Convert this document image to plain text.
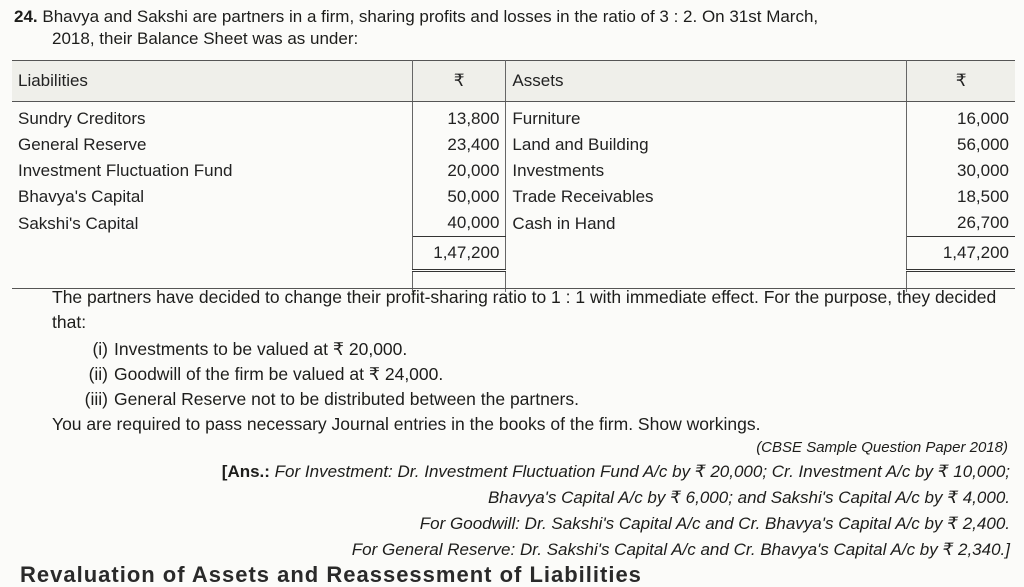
24. Bhavya and Sakshi are partners in a firm, sharing profits and losses in the ratio of 3 : 2. On 31st March,
2018, their Balance Sheet was as under:
Liabilities	₹	Assets	₹
Sundry Creditors	13,800	Furniture	16,000
General Reserve	23,400	Land and Building	56,000
Investment Fluctuation Fund	20,000	Investments	30,000
Bhavya's Capital	50,000	Trade Receivables	18,500
Sakshi's Capital	40,000	Cash in Hand	26,700
	1,47,200		1,47,200

The partners have decided to change their profit-sharing ratio to 1 : 1 with immediate effect. For the purpose, they decided that:

(i) Investments to be valued at ₹ 20,000.
(ii) Goodwill of the firm be valued at ₹ 24,000.
(iii) General Reserve not to be distributed between the partners.

You are required to pass necessary Journal entries in the books of the firm. Show workings.

(CBSE Sample Question Paper 2018)
[Ans.: For Investment: Dr. Investment Fluctuation Fund A/c by ₹ 20,000; Cr. Investment A/c by ₹ 10,000;
Bhavya's Capital A/c by ₹ 6,000; and Sakshi's Capital A/c by ₹ 4,000.
For Goodwill: Dr. Sakshi's Capital A/c and Cr. Bhavya's Capital A/c by ₹ 2,400.
For General Reserve: Dr. Sakshi's Capital A/c and Cr. Bhavya's Capital A/c by ₹ 2,340.]
Revaluation of Assets and Reassessment of Liabilities
